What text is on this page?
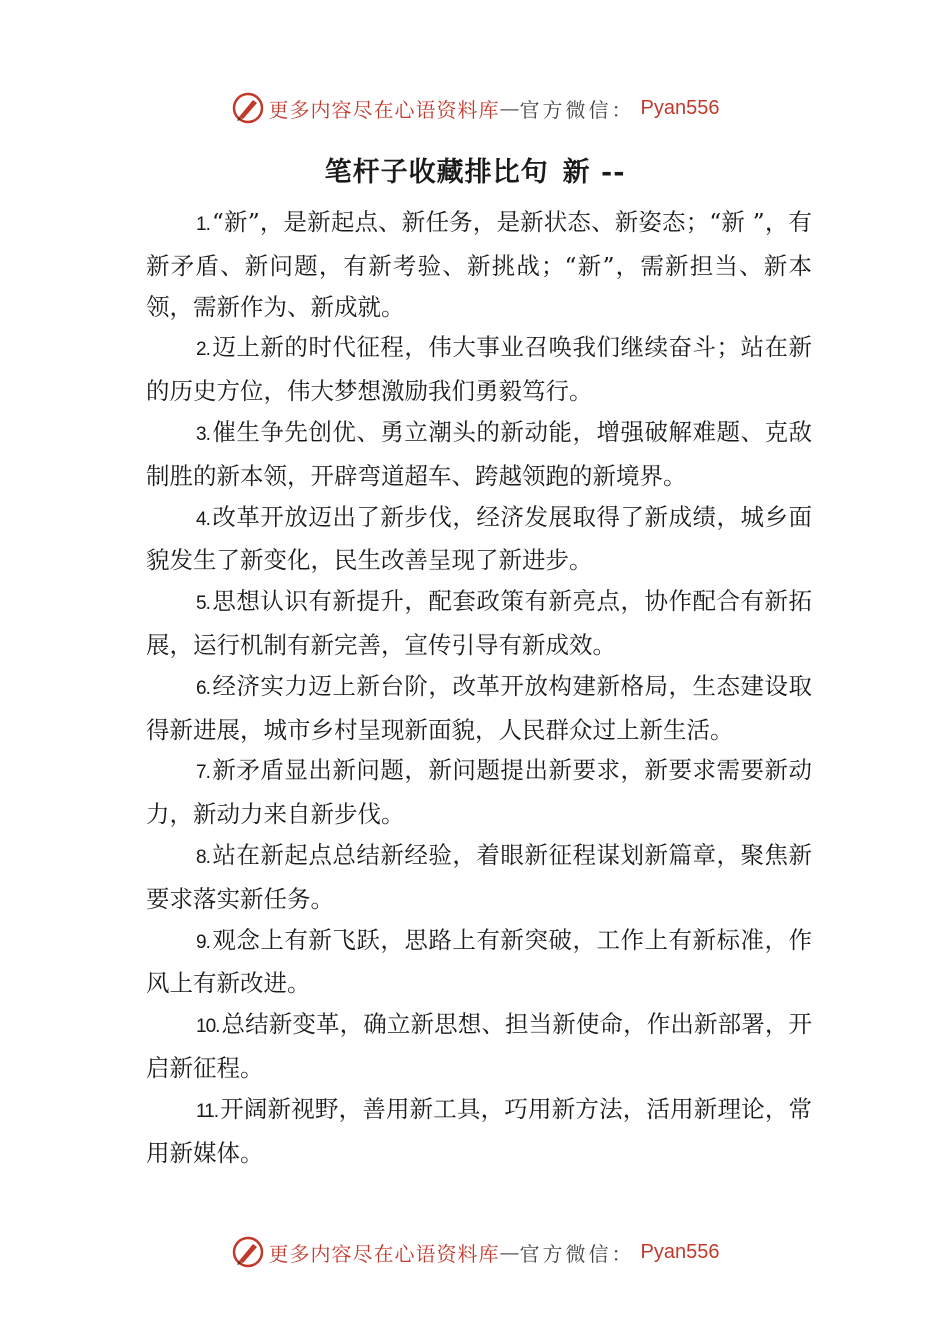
更多内容尽在心语资料库 — 官方微信： Pyan556
笔杆子收藏排比句 新 --

1.“新”，是新起点、新任务，是新状态、新姿态；“新 ”，有新矛盾、新问题，有新考验、新挑战；“新”，需新担当、新本领，需新作为、新成就。

2.迈上新的时代征程，伟大事业召唤我们继续奋斗；站在新的历史方位，伟大梦想激励我们勇毅笃行。

3.催生争先创优、勇立潮头的新动能，增强破解难题、克敌制胜的新本领，开辟弯道超车、跨越领跑的新境界。

4.改革开放迈出了新步伐，经济发展取得了新成绩，城乡面貌发生了新变化，民生改善呈现了新进步。

5.思想认识有新提升，配套政策有新亮点，协作配合有新拓展，运行机制有新完善，宣传引导有新成效。

6.经济实力迈上新台阶，改革开放构建新格局，生态建设取得新进展，城市乡村呈现新面貌，人民群众过上新生活。

7.新矛盾显出新问题，新问题提出新要求，新要求需要新动力，新动力来自新步伐。

8.站在新起点总结新经验，着眼新征程谋划新篇章，聚焦新要求落实新任务。

9.观念上有新飞跃，思路上有新突破，工作上有新标准，作风上有新改进。

10.总结新变革，确立新思想、担当新使命，作出新部署，开启新征程。

11.开阔新视野，善用新工具，巧用新方法，活用新理论，常用新媒体。

更多内容尽在心语资料库 — 官方微信： Pyan556
